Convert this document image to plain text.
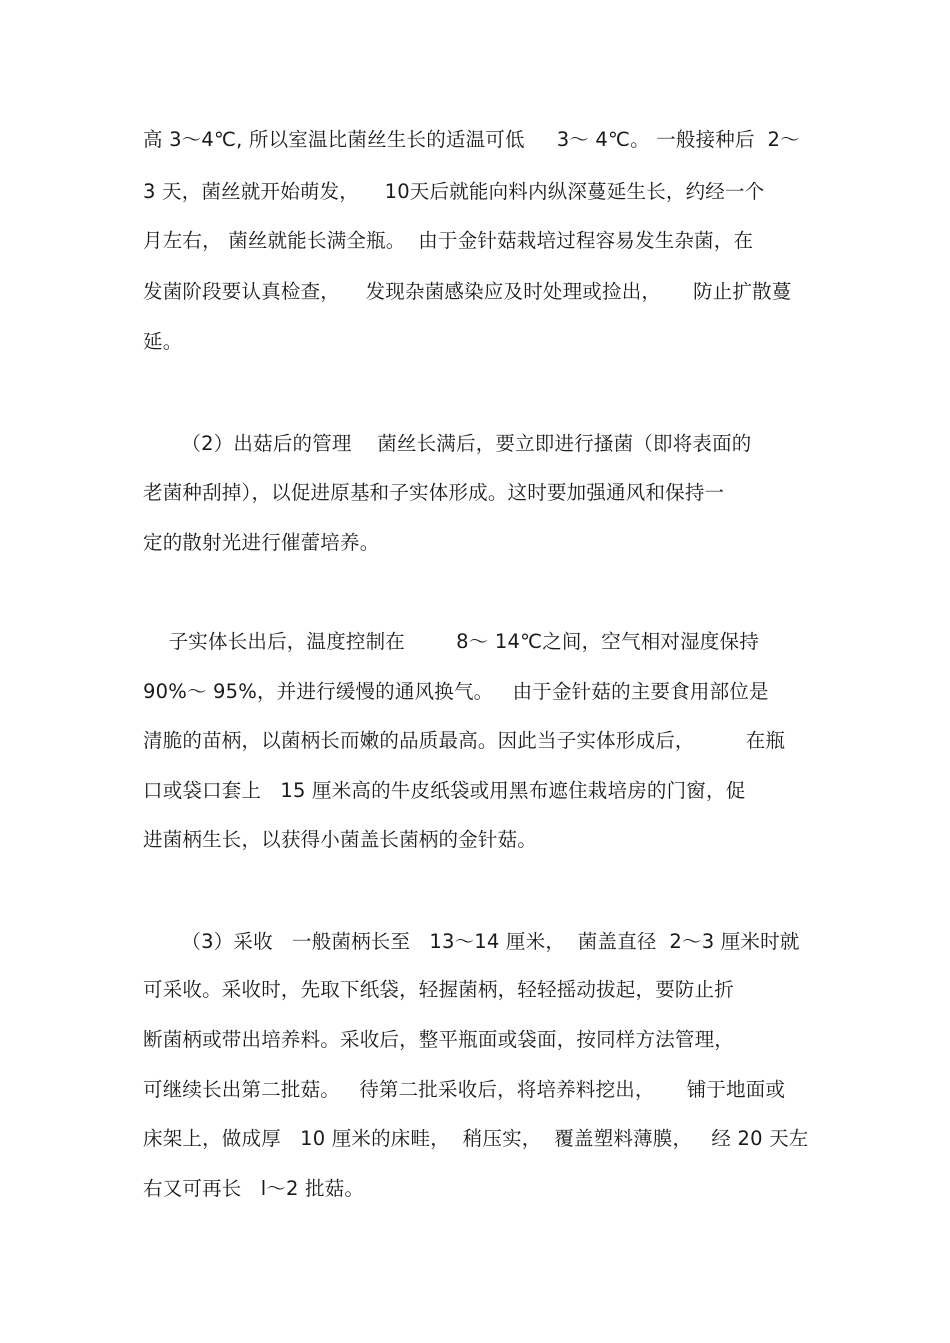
高 3～4℃, 所以室温比菌丝生长的适温可低     3～ 4℃。 一般接种后  2～
3 天，菌丝就开始萌发，    10天后就能向料内纵深蔓延生长，约经一个
月左右， 菌丝就能长满全瓶。  由于金针菇栽培过程容易发生杂菌，在
发菌阶段要认真检查，    发现杂菌感染应及时处理或捡出，     防止扩散蔓
延。
（2）出菇后的管理    菌丝长满后，要立即进行搔菌（即将表面的
老菌种刮掉），以促进原基和子实体形成。这时要加强通风和保持一
定的散射光进行催蕾培养。
子实体长出后，温度控制在        8～ 14℃之间，空气相对湿度保持
90%～ 95%，并进行缓慢的通风换气。   由于金针菇的主要食用部位是
清脆的苗柄，以菌柄长而嫩的品质最高。因此当子实体形成后，        在瓶
口或袋口套上   15 厘米高的牛皮纸袋或用黑布遮住栽培房的门窗，促
进菌柄生长，以获得小菌盖长菌柄的金针菇。
（3）采收   一般菌柄长至   13～14 厘米，  菌盖直径  2～3 厘米时就
可采收。采收时，先取下纸袋，轻握菌柄，轻轻摇动拔起，要防止折
断菌柄或带出培养料。采收后，整平瓶面或袋面，按同样方法管理，
可继续长出第二批菇。   待第二批采收后，将培养料挖出，     铺于地面或
床架上，做成厚   10 厘米的床畦，  稍压实，  覆盖塑料薄膜，   经 20 天左
右又可再长   l～2 批菇。
